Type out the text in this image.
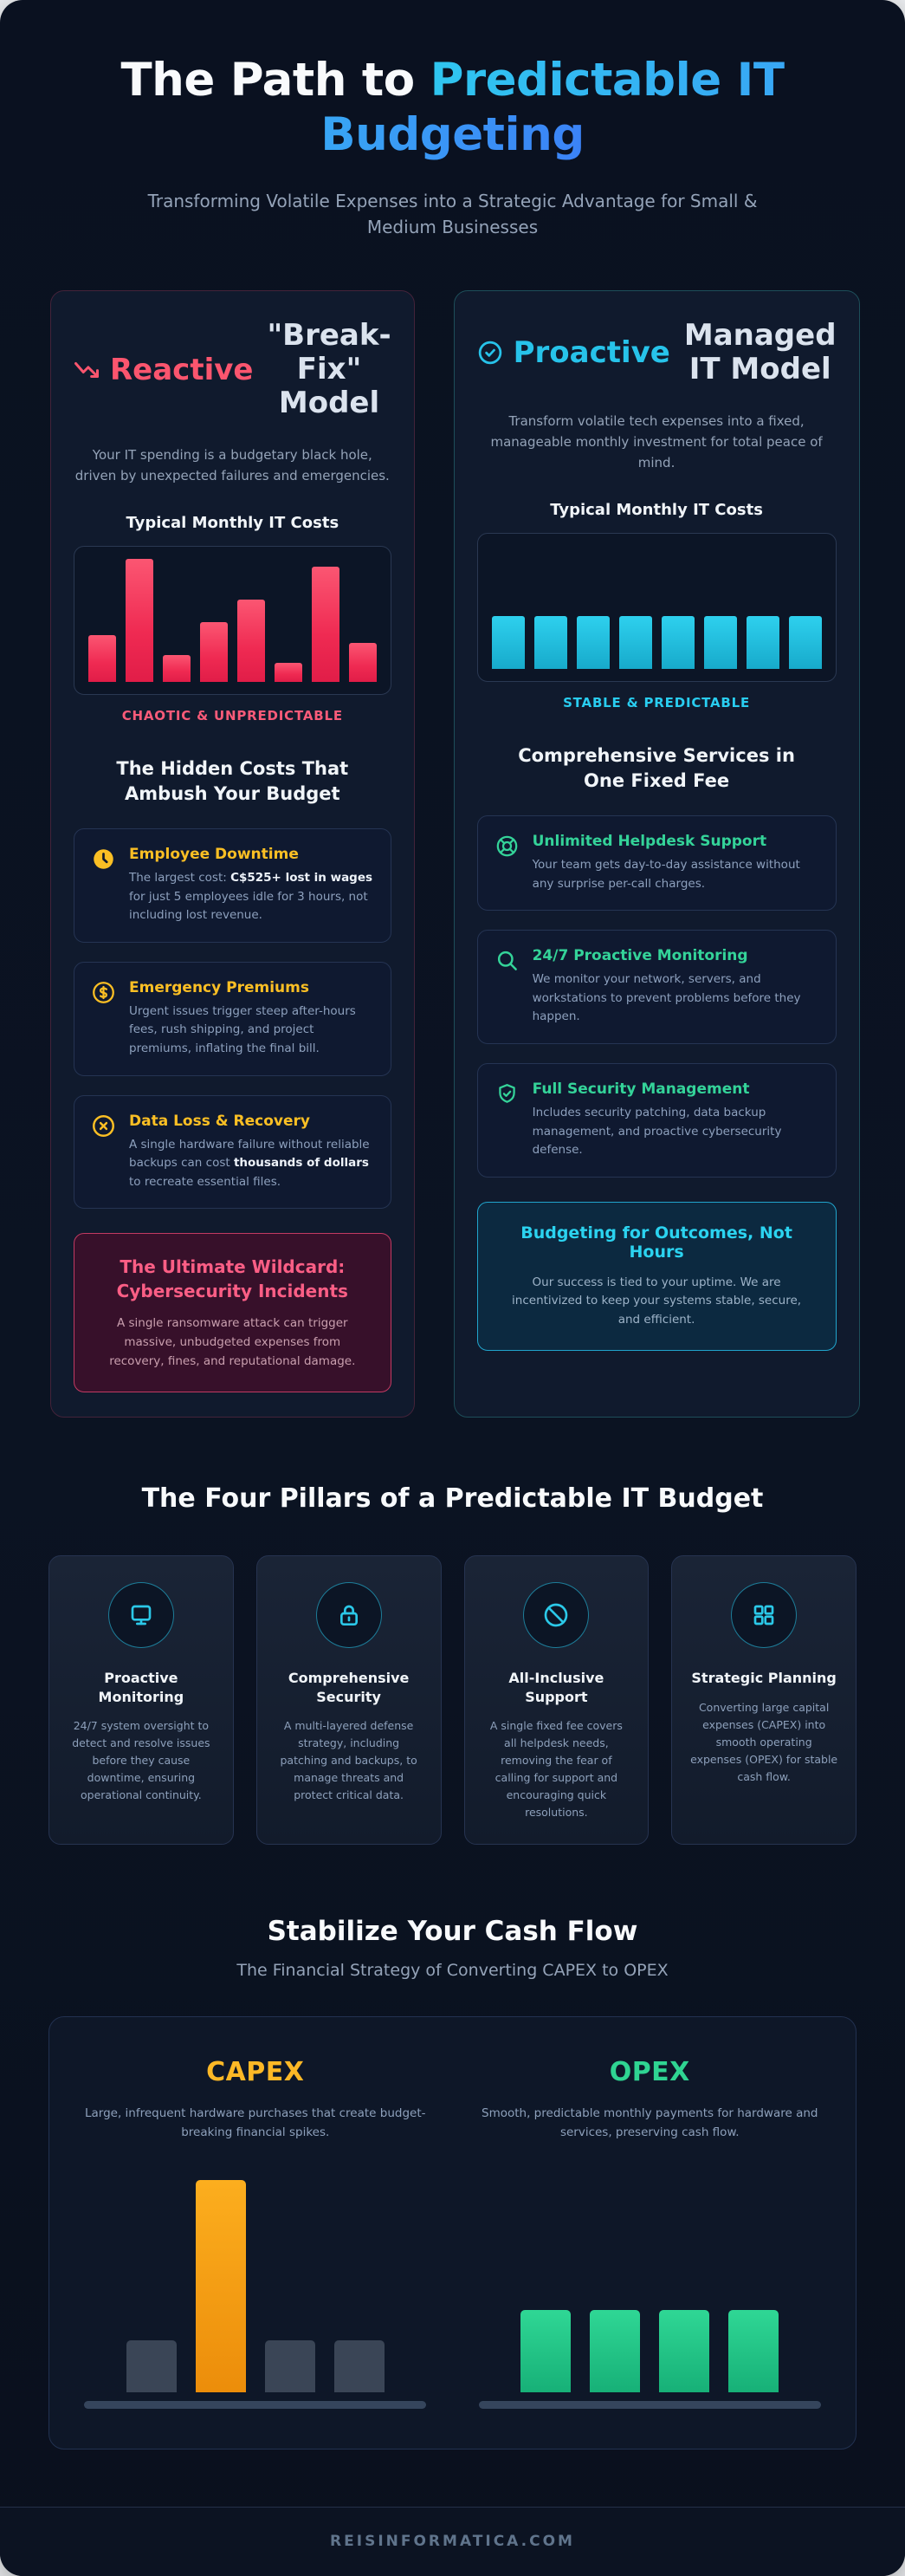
The Path to Predictable IT Budgeting

Transforming Volatile Expenses into a Strategic Advantage for Small & Medium Businesses

Reactive
"Break-Fix" Model

Your IT spending is a budgetary black hole, driven by unexpected failures and emergencies.

Typical Monthly IT Costs
CHAOTIC & UNPREDICTABLE
The Hidden Costs That Ambush Your Budget
Employee Downtime

The largest cost: C$525+ lost in wages for just 5 employees idle for 3 hours, not including lost revenue.

Emergency Premiums

Urgent issues trigger steep after-hours fees, rush shipping, and project premiums, inflating the final bill.

Data Loss & Recovery

A single hardware failure without reliable backups can cost thousands of dollars to recreate essential files.

The Ultimate Wildcard: Cybersecurity Incidents

A single ransomware attack can trigger massive, unbudgeted expenses from recovery, fines, and reputational damage.

Proactive
Managed IT Model

Transform volatile tech expenses into a fixed, manageable monthly investment for total peace of mind.

Typical Monthly IT Costs
STABLE & PREDICTABLE
Comprehensive Services in One Fixed Fee
Unlimited Helpdesk Support

Your team gets day-to-day assistance without any surprise per-call charges.

24/7 Proactive Monitoring

We monitor your network, servers, and workstations to prevent problems before they happen.

Full Security Management

Includes security patching, data backup management, and proactive cybersecurity defense.

Budgeting for Outcomes, Not Hours

Our success is tied to your uptime. We are incentivized to keep your systems stable, secure, and efficient.

The Four Pillars of a Predictable IT Budget
Proactive Monitoring

24/7 system oversight to detect and resolve issues before they cause downtime, ensuring operational continuity.

Comprehensive Security

A multi-layered defense strategy, including patching and backups, to manage threats and protect critical data.

All-Inclusive Support

A single fixed fee covers all helpdesk needs, removing the fear of calling for support and encouraging quick resolutions.

Strategic Planning

Converting large capital expenses (CAPEX) into smooth operating expenses (OPEX) for stable cash flow.

Stabilize Your Cash Flow

The Financial Strategy of Converting CAPEX to OPEX

CAPEX

Large, infrequent hardware purchases that create budget-breaking financial spikes.

OPEX

Smooth, predictable monthly payments for hardware and services, preserving cash flow.

REISINFORMATICA.COM
